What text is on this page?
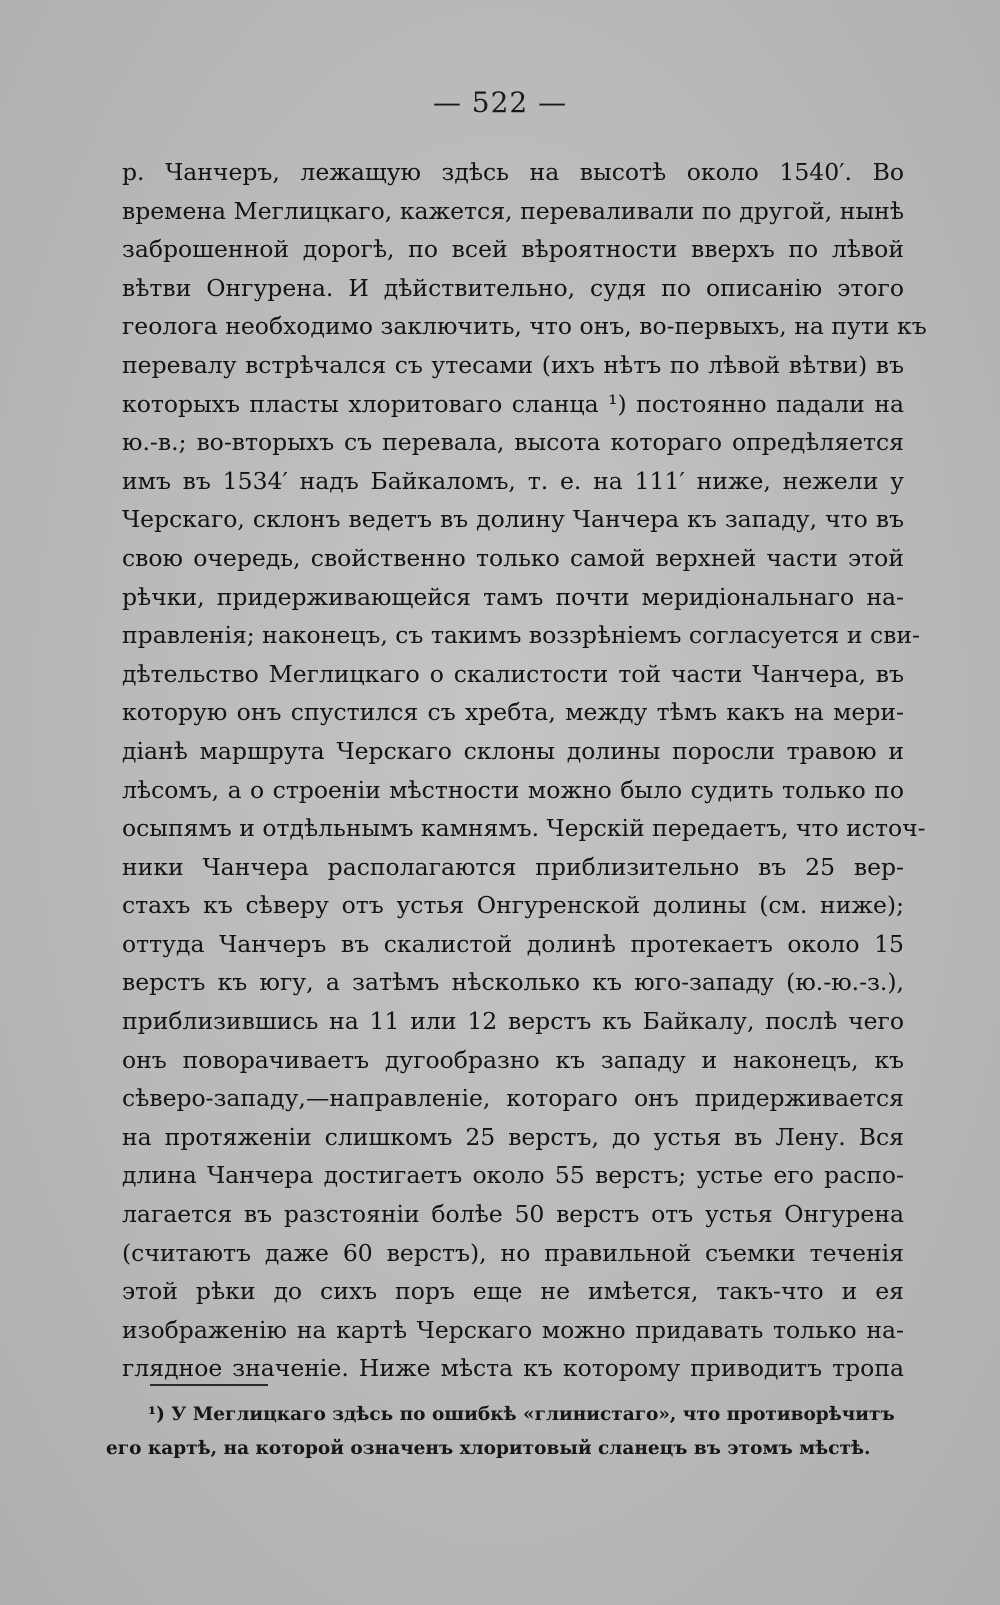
— 522 —
р. Чанчеръ, лежащую здѣсь на высотѣ около 1540′. Во
времена Меглицкаго, кажется, переваливали по другой, нынѣ
заброшенной дорогѣ, по всей вѣроятности вверхъ по лѣвой
вѣтви Онгурена. И дѣйствительно, судя по описанію этого
геолога необходимо заключить, что онъ, во-первыхъ, на пути къ
перевалу встрѣчался съ утесами (ихъ нѣтъ по лѣвой вѣтви) въ
которыхъ пласты хлоритоваго сланца ¹) постоянно падали на
ю.-в.; во-вторыхъ съ перевала, высота котораго опредѣляется
имъ въ 1534′ надъ Байкаломъ, т. е. на 111′ ниже, нежели у
Черскаго, склонъ ведетъ въ долину Чанчера къ западу, что въ
свою очередь, свойственно только самой верхней части этой
рѣчки, придерживающейся тамъ почти меридіональнаго на-
правленія; наконецъ, съ такимъ воззрѣніемъ согласуется и сви-
дѣтельство Меглицкаго о скалистости той части Чанчера, въ
которую онъ спустился съ хребта, между тѣмъ какъ на мери-
діанѣ маршрута Черскаго склоны долины поросли травою и
лѣсомъ, а о строеніи мѣстности можно было судить только по
осыпямъ и отдѣльнымъ камнямъ. Черскій передаетъ, что источ-
ники Чанчера располагаются приблизительно въ 25 вер-
стахъ къ сѣверу отъ устья Онгуренской долины (см. ниже);
оттуда Чанчеръ въ скалистой долинѣ протекаетъ около 15
верстъ къ югу, а затѣмъ нѣсколько къ юго-западу (ю.-ю.-з.),
приблизившись на 11 или 12 верстъ къ Байкалу, послѣ чего
онъ поворачиваетъ дугообразно къ западу и наконецъ, къ
сѣверо-западу,—направленіе, котораго онъ придерживается
на протяженіи слишкомъ 25 верстъ, до устья въ Лену. Вся
длина Чанчера достигаетъ около 55 верстъ; устье его распо-
лагается въ разстояніи болѣе 50 верстъ отъ устья Онгурена
(считаютъ даже 60 верстъ), но правильной съемки теченія
этой рѣки до сихъ поръ еще не имѣется, такъ-что и ея
изображенію на картѣ Черскаго можно придавать только на-
глядное значеніе. Ниже мѣста къ которому приводитъ тропа
¹) У Меглицкаго здѣсь по ошибкѣ «глинистаго», что противорѣчитъ
его картѣ, на которой означенъ хлоритовый сланецъ въ этомъ мѣстѣ.
